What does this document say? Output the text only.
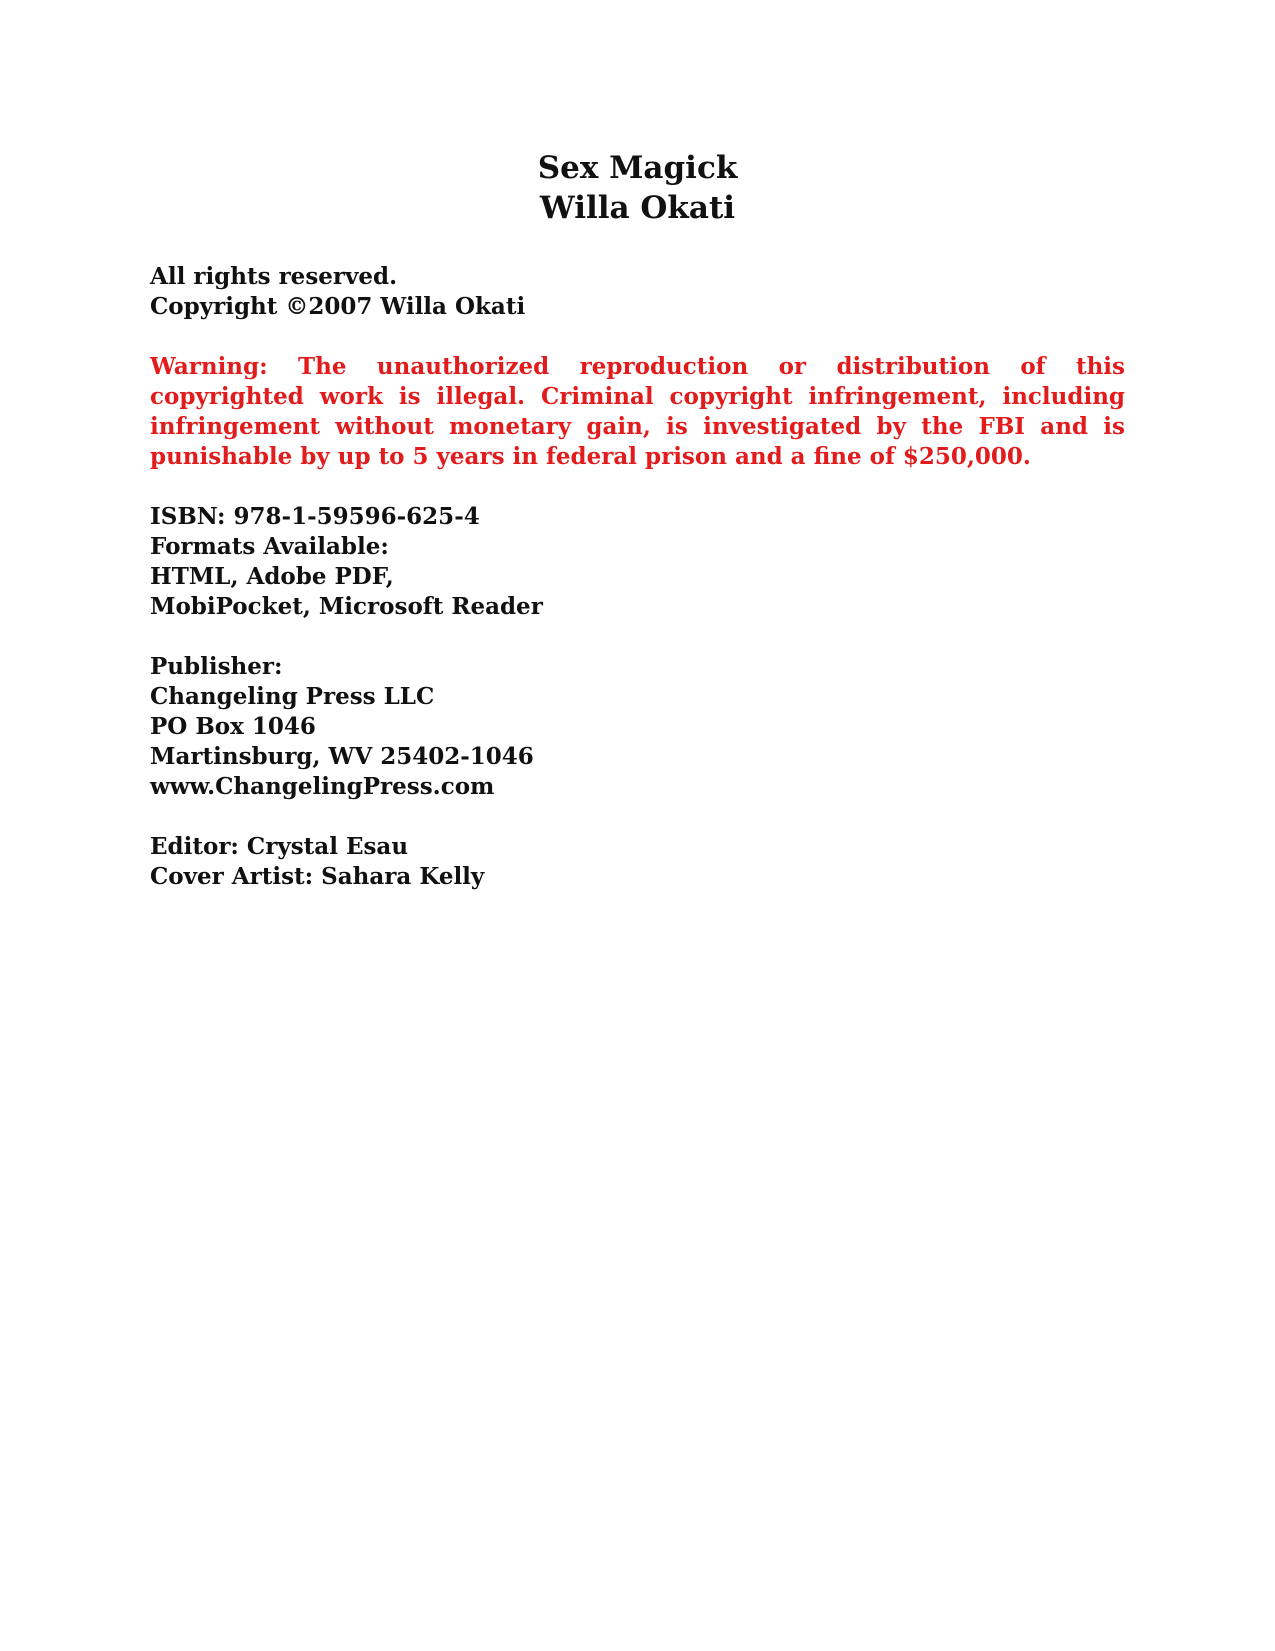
Sex Magick
Willa Okati
All rights reserved.
Copyright ©2007 Willa Okati
Warning: The unauthorized reproduction or distribution of this copyrighted work is illegal. Criminal copyright infringement, including infringement without monetary gain, is investigated by the FBI and is punishable by up to 5 years in federal prison and a fine of $250,000.
ISBN: 978-1-59596-625-4
Formats Available:
HTML, Adobe PDF,
MobiPocket, Microsoft Reader
Publisher:
Changeling Press LLC
PO Box 1046
Martinsburg, WV 25402-1046
www.ChangelingPress.com
Editor: Crystal Esau
Cover Artist: Sahara Kelly
